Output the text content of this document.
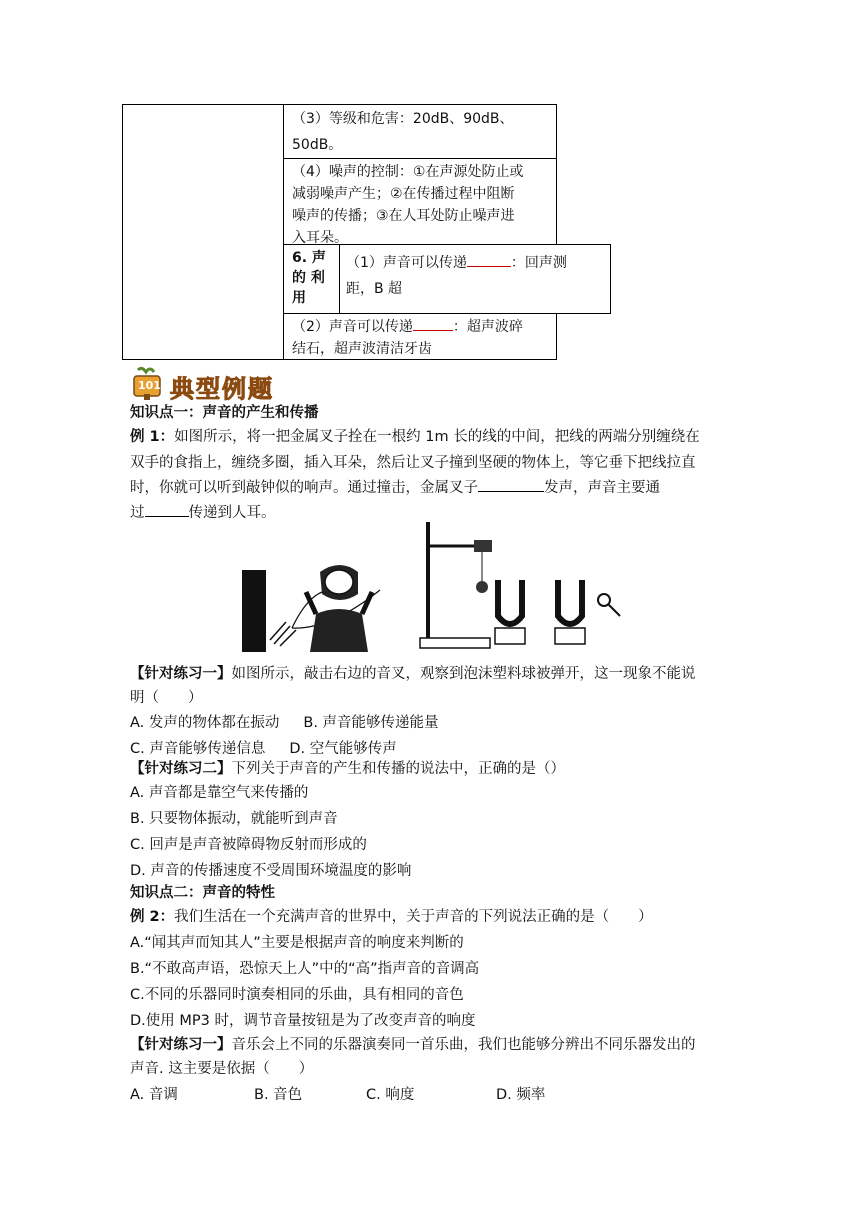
（3）等级和危害：20dB、90dB、
50dB。
（4）噪声的控制：①在声源处防止或
减弱噪声产生；②在传播过程中阻断
噪声的传播；③在人耳处防止噪声进
入耳朵。
6. 声
的 利
用
（1）声音可以传递	：回声测
距，B 超
（2）声音可以传递	：超声波碎
结石，超声波清洁牙齿
101 典型例题
知识点一：声音的产生和传播
例 1：如图所示，将一把金属叉子拴在一根约 1m 长的线的中间，把线的两端分别缠绕在
双手的食指上，缠绕多圈，插入耳朵，然后让叉子撞到坚硬的物体上，等它垂下把线拉直
时，你就可以听到敲钟似的响声。通过撞击，金属叉子	发声，声音主要通
过	传递到人耳。
【针对练习一】如图所示，敲击右边的音叉，观察到泡沫塑料球被弹开，这一现象不能说
明（　　）
A. 发声的物体都在振动 B. 声音能够传递能量
C. 声音能够传递信息 D. 空气能够传声
【针对练习二】下列关于声音的产生和传播的说法中，正确的是（）
A. 声音都是靠空气来传播的
B. 只要物体振动，就能听到声音
C. 回声是声音被障碍物反射而形成的
D. 声音的传播速度不受周围环境温度的影响
知识点二：声音的特性
例 2：我们生活在一个充满声音的世界中，关于声音的下列说法正确的是（　　）
A.“闻其声而知其人”主要是根据声音的响度来判断的
B.“不敢高声语，恐惊天上人”中的“高”指声音的音调高
C.不同的乐器同时演奏相同的乐曲，具有相同的音色
D.使用 MP3 时，调节音量按钮是为了改变声音的响度
【针对练习一】音乐会上不同的乐器演奏同一首乐曲，我们也能够分辨出不同乐器发出的
声音. 这主要是依据（　　）
A. 音调	B. 音色	C. 响度	D. 频率
